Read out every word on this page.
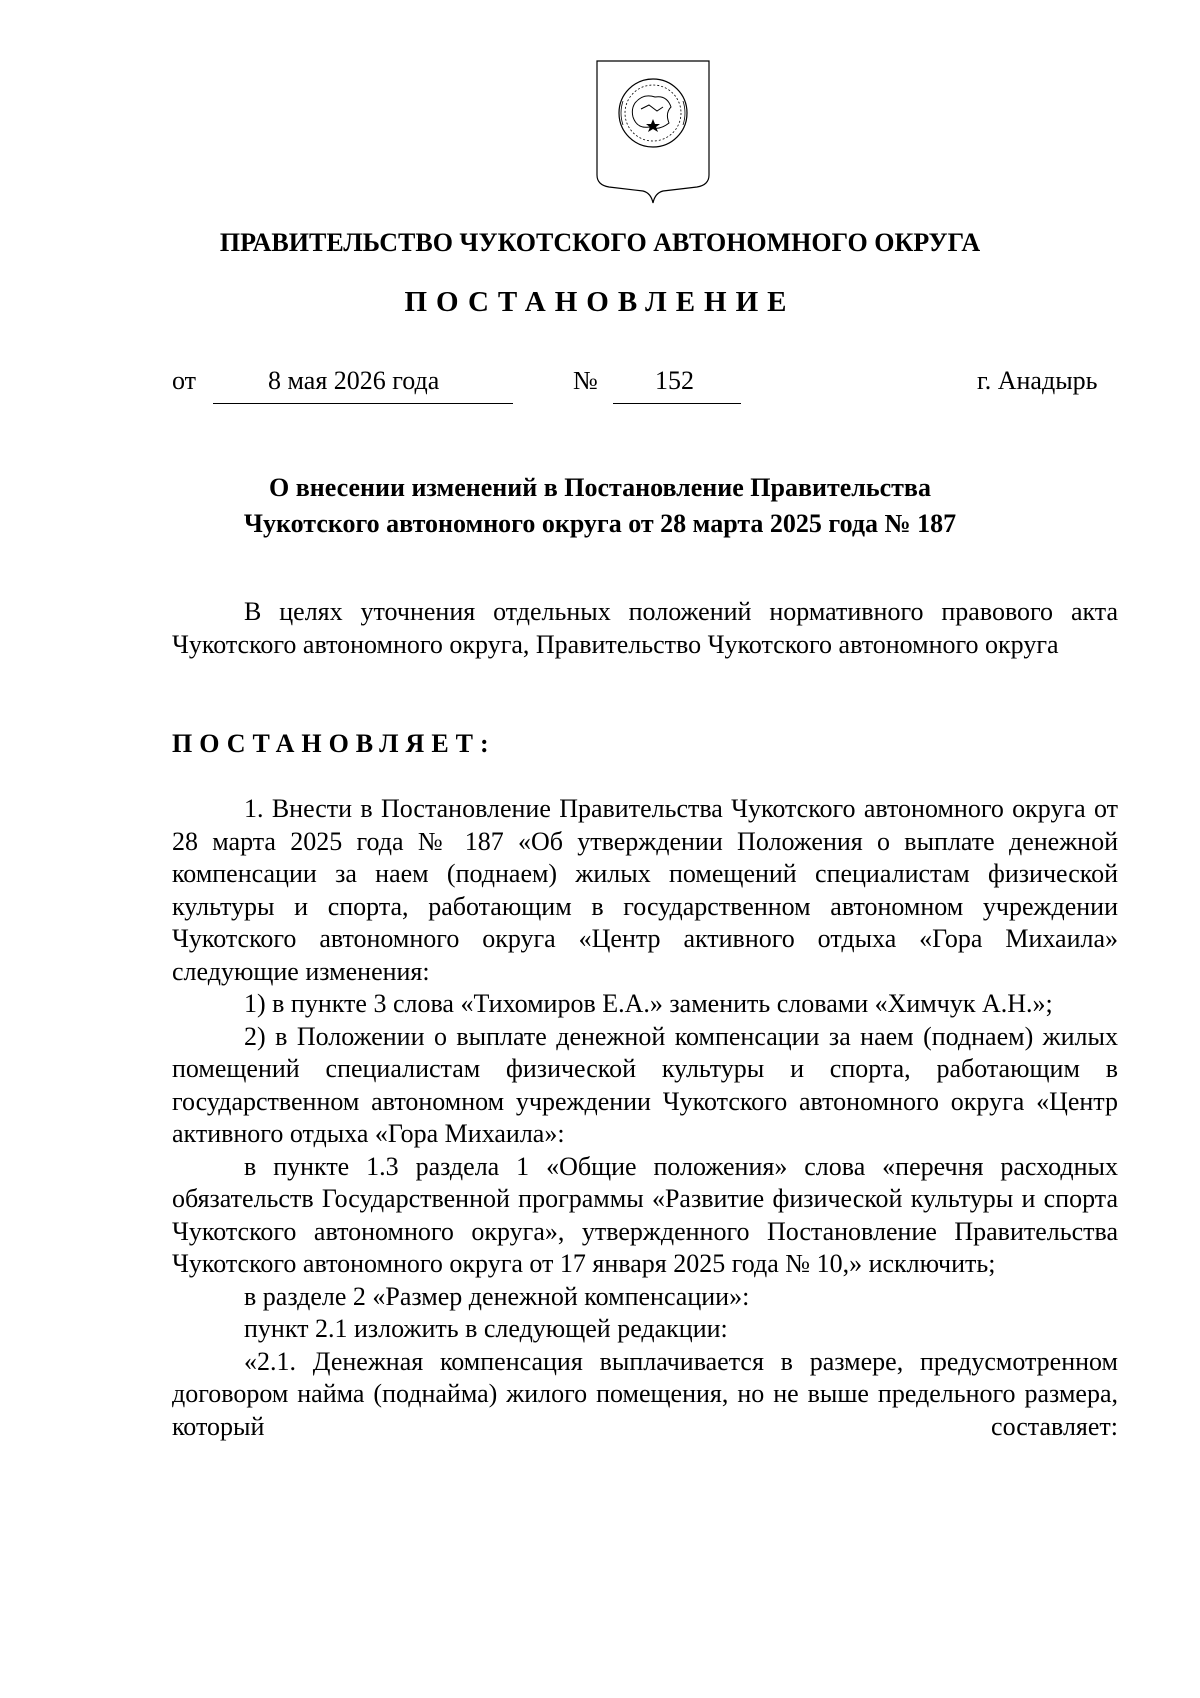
ПРАВИТЕЛЬСТВО ЧУКОТСКОГО АВТОНОМНОГО ОКРУГА
ПОСТАНОВЛЕНИЕ
от	8 мая 2026 года	№ 152	г. Анадырь
О внесении изменений в Постановление Правительства
Чукотского автономного округа от 28 марта 2025 года № 187

В целях уточнения отдельных положений нормативного правового акта Чукотского автономного округа, Правительство Чукотского автономного округа

ПОСТАНОВЛЯЕТ:

1. Внести в Постановление Правительства Чукотского автономного округа от 28 марта 2025 года № 187 «Об утверждении Положения о выплате денежной компенсации за наем (поднаем) жилых помещений специалистам физической культуры и спорта, работающим в государственном автономном учреждении Чукотского автономного округа «Центр активного отдыха «Гора Михаила» следующие изменения:

1) в пункте 3 слова «Тихомиров Е.А.» заменить словами «Химчук А.Н.»;

2) в Положении о выплате денежной компенсации за наем (поднаем) жилых помещений специалистам физической культуры и спорта, работающим в государственном автономном учреждении Чукотского автономного округа «Центр активного отдыха «Гора Михаила»:

в пункте 1.3 раздела 1 «Общие положения» слова «перечня расходных обязательств Государственной программы «Развитие физической культуры и спорта Чукотского автономного округа», утвержденного Постановление Правительства Чукотского автономного округа от 17 января 2025 года № 10,» исключить;

в разделе 2 «Размер денежной компенсации»:

пункт 2.1 изложить в следующей редакции:

«2.1. Денежная компенсация выплачивается в размере, предусмотренном договором найма (поднайма) жилого помещения, но не выше предельного размера, который составляет:
